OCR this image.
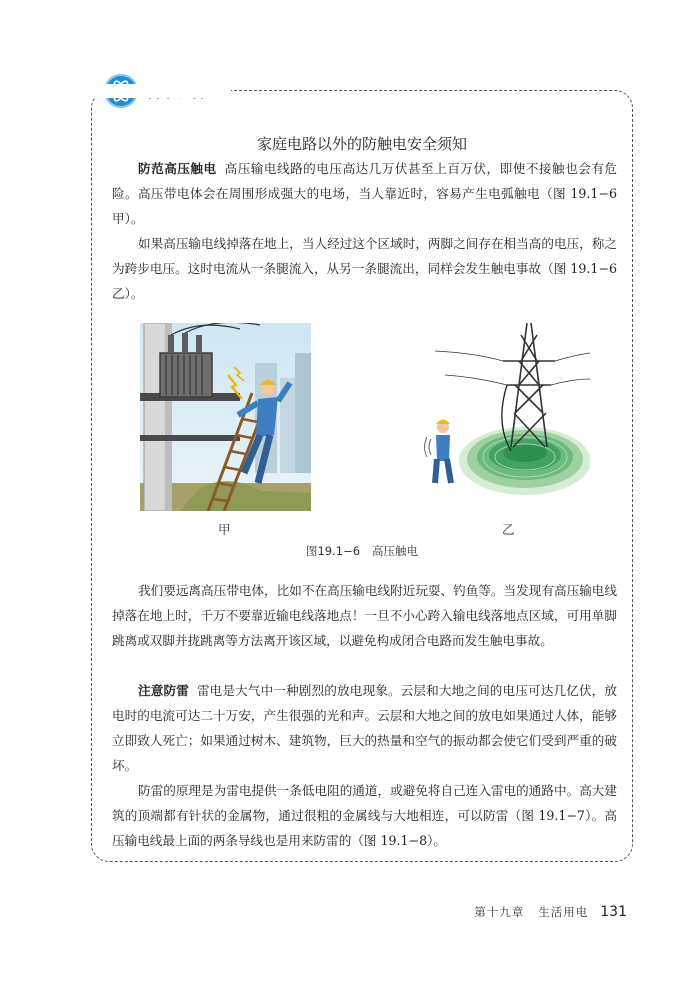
家庭电路以外的防触电安全须知

防范高压触电 高压输电线路的电压高达几万伏甚至上百万伏，即使不接触也会有危险。高压带电体会在周围形成强大的电场，当人靠近时，容易产生电弧触电（图 19.1−6 甲）。

如果高压输电线掉落在地上，当人经过这个区域时，两脚之间存在相当高的电压，称之为跨步电压。这时电流从一条腿流入，从另一条腿流出，同样会发生触电事故（图 19.1−6 乙）。

甲	乙
图19.1−6 高压触电

我们要远离高压带电体，比如不在高压输电线附近玩耍、钓鱼等。当发现有高压输电线掉落在地上时，千万不要靠近输电线落地点！一旦不小心跨入输电线落地点区域，可用单脚跳离或双脚并拢跳离等方法离开该区域，以避免构成闭合电路而发生触电事故。

注意防雷 雷电是大气中一种剧烈的放电现象。云层和大地之间的电压可达几亿伏，放电时的电流可达二十万安，产生很强的光和声。云层和大地之间的放电如果通过人体，能够立即致人死亡；如果通过树木、建筑物，巨大的热量和空气的振动都会使它们受到严重的破坏。

防雷的原理是为雷电提供一条低电阻的通道，或避免将自己连入雷电的通路中。高大建筑的顶端都有针状的金属物，通过很粗的金属线与大地相连，可以防雷（图 19.1−7）。高压输电线最上面的两条导线也是用来防雷的（图 19.1−8）。

第十九章 生活用电 131
